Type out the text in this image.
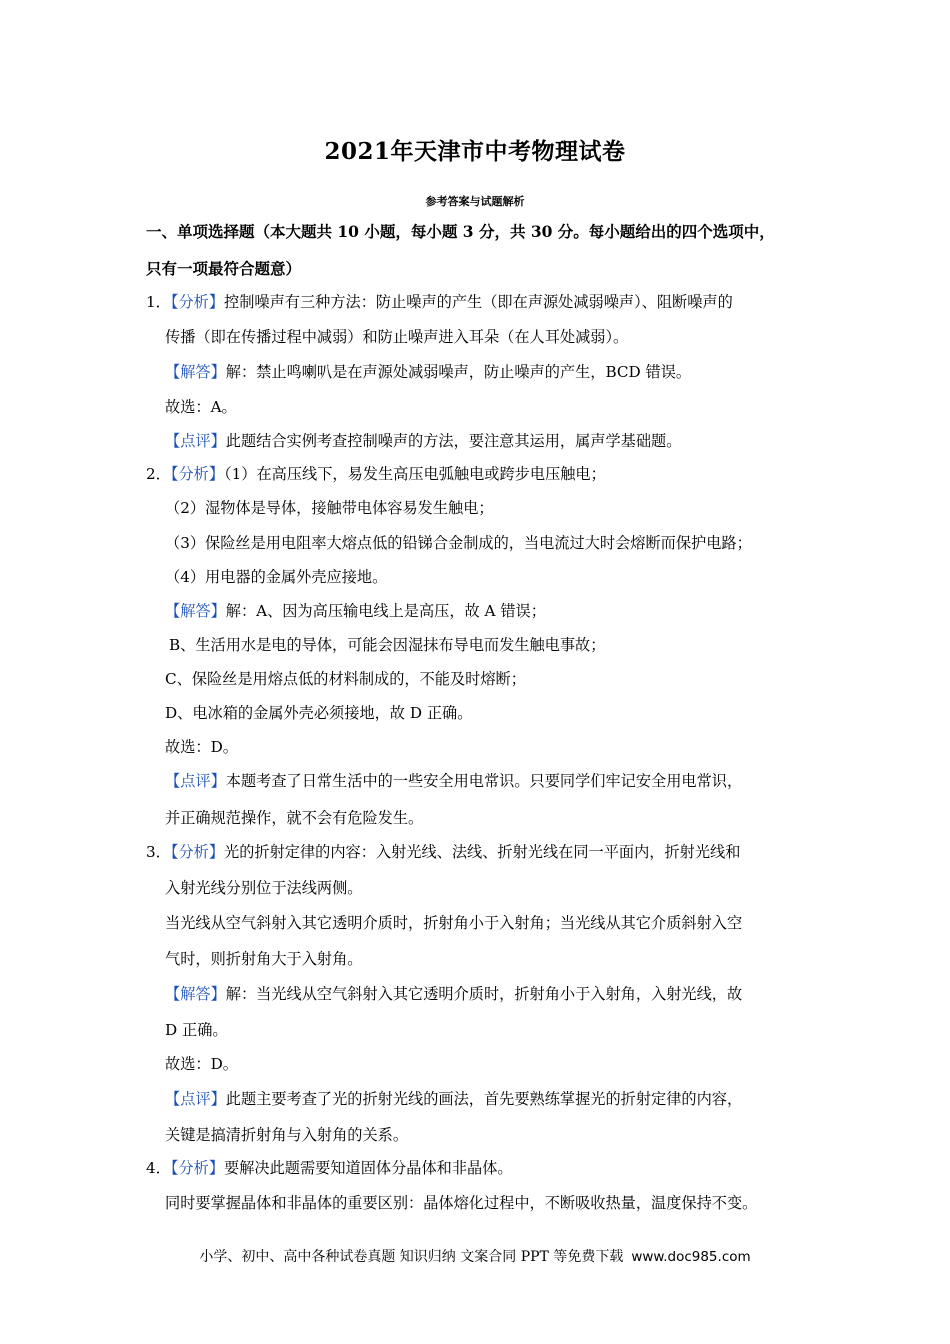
2021年天津市中考物理试卷
参考答案与试题解析
一、单项选择题（本大题共 10 小题，每小题 3 分，共 30 分。每小题给出的四个选项中，
只有一项最符合题意）
1．【分析】控制噪声有三种方法：防止噪声的产生（即在声源处减弱噪声）、阻断噪声的
传播（即在传播过程中减弱）和防止噪声进入耳朵（在人耳处减弱）。
【解答】解：禁止鸣喇叭是在声源处减弱噪声，防止噪声的产生，BCD 错误。
故选：A。
【点评】此题结合实例考查控制噪声的方法，要注意其运用，属声学基础题。
2．【分析】（1）在高压线下，易发生高压电弧触电或跨步电压触电；
（2）湿物体是导体，接触带电体容易发生触电；
（3）保险丝是用电阻率大熔点低的铅锑合金制成的，当电流过大时会熔断而保护电路；
（4）用电器的金属外壳应接地。
【解答】解：A、因为高压输电线上是高压，故 A 错误；
B、生活用水是电的导体，可能会因湿抹布导电而发生触电事故；
C、保险丝是用熔点低的材料制成的，不能及时熔断；
D、电冰箱的金属外壳必须接地，故 D 正确。
故选：D。
【点评】本题考查了日常生活中的一些安全用电常识。只要同学们牢记安全用电常识，
并正确规范操作，就不会有危险发生。
3．【分析】光的折射定律的内容：入射光线、法线、折射光线在同一平面内，折射光线和
入射光线分别位于法线两侧。
当光线从空气斜射入其它透明介质时，折射角小于入射角；当光线从其它介质斜射入空
气时，则折射角大于入射角。
【解答】解：当光线从空气斜射入其它透明介质时，折射角小于入射角，入射光线，故
D 正确。
故选：D。
【点评】此题主要考查了光的折射光线的画法，首先要熟练掌握光的折射定律的内容，
关键是搞清折射角与入射角的关系。
4．【分析】要解决此题需要知道固体分晶体和非晶体。
同时要掌握晶体和非晶体的重要区别：晶体熔化过程中，不断吸收热量，温度保持不变。
小学、初中、高中各种试卷真题 知识归纳 文案合同 PPT 等免费下载 www.doc985.com
